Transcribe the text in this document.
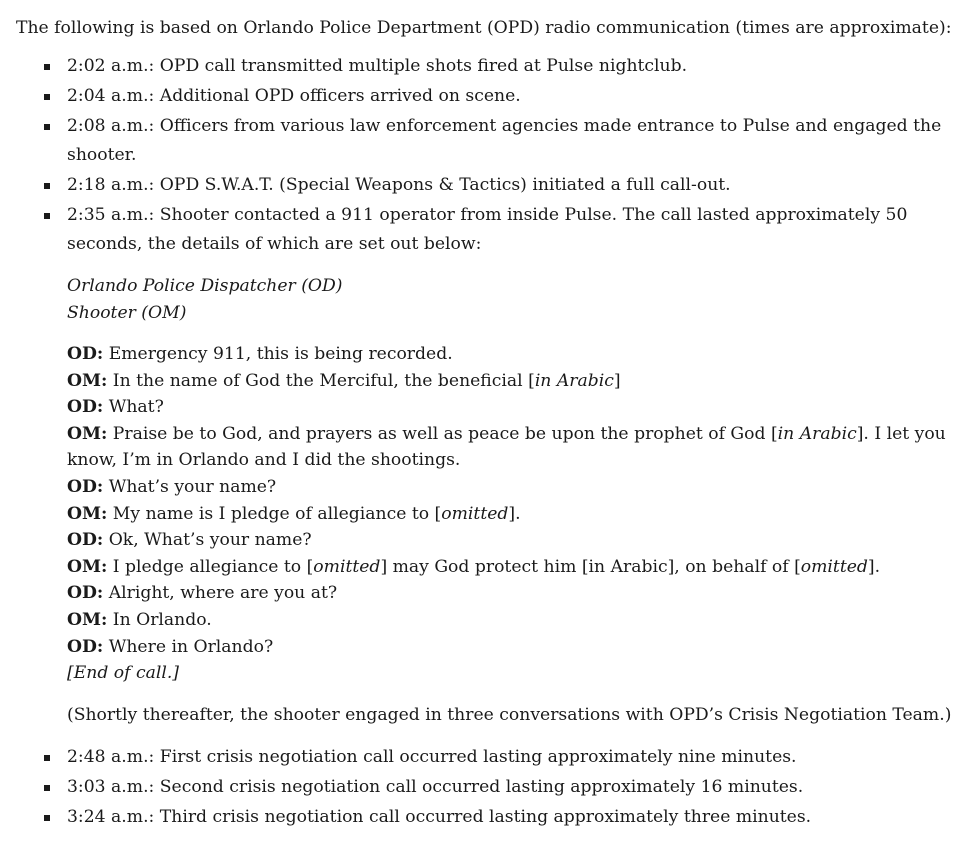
The following is based on Orlando Police Department (OPD) radio communication (times are approximate):

2:02 a.m.: OPD call transmitted multiple shots fired at Pulse nightclub.
2:04 a.m.: Additional OPD officers arrived on scene.
2:08 a.m.: Officers from various law enforcement agencies made entrance to Pulse and engaged the shooter.
2:18 a.m.: OPD S.W.A.T. (Special Weapons & Tactics) initiated a full call-out.
2:35 a.m.: Shooter contacted a 911 operator from inside Pulse. The call lasted approximately 50 seconds, the details of which are set out below:
Orlando Police Dispatcher (OD)
Shooter (OM)
OD: Emergency 911, this is being recorded.
OM: In the name of God the Merciful, the beneficial [in Arabic]
OD: What?
OM: Praise be to God, and prayers as well as peace be upon the prophet of God [in Arabic]. I let you know, I’m in Orlando and I did the shootings.
OD: What’s your name?
OM: My name is I pledge of allegiance to [omitted].
OD: Ok, What’s your name?
OM: I pledge allegiance to [omitted] may God protect him [in Arabic], on behalf of [omitted].
OD: Alright, where are you at?
OM: In Orlando.
OD: Where in Orlando?
[End of call.]
(Shortly thereafter, the shooter engaged in three conversations with OPD’s Crisis Negotiation Team.)
2:48 a.m.: First crisis negotiation call occurred lasting approximately nine minutes.
3:03 a.m.: Second crisis negotiation call occurred lasting approximately 16 minutes.
3:24 a.m.: Third crisis negotiation call occurred lasting approximately three minutes.
